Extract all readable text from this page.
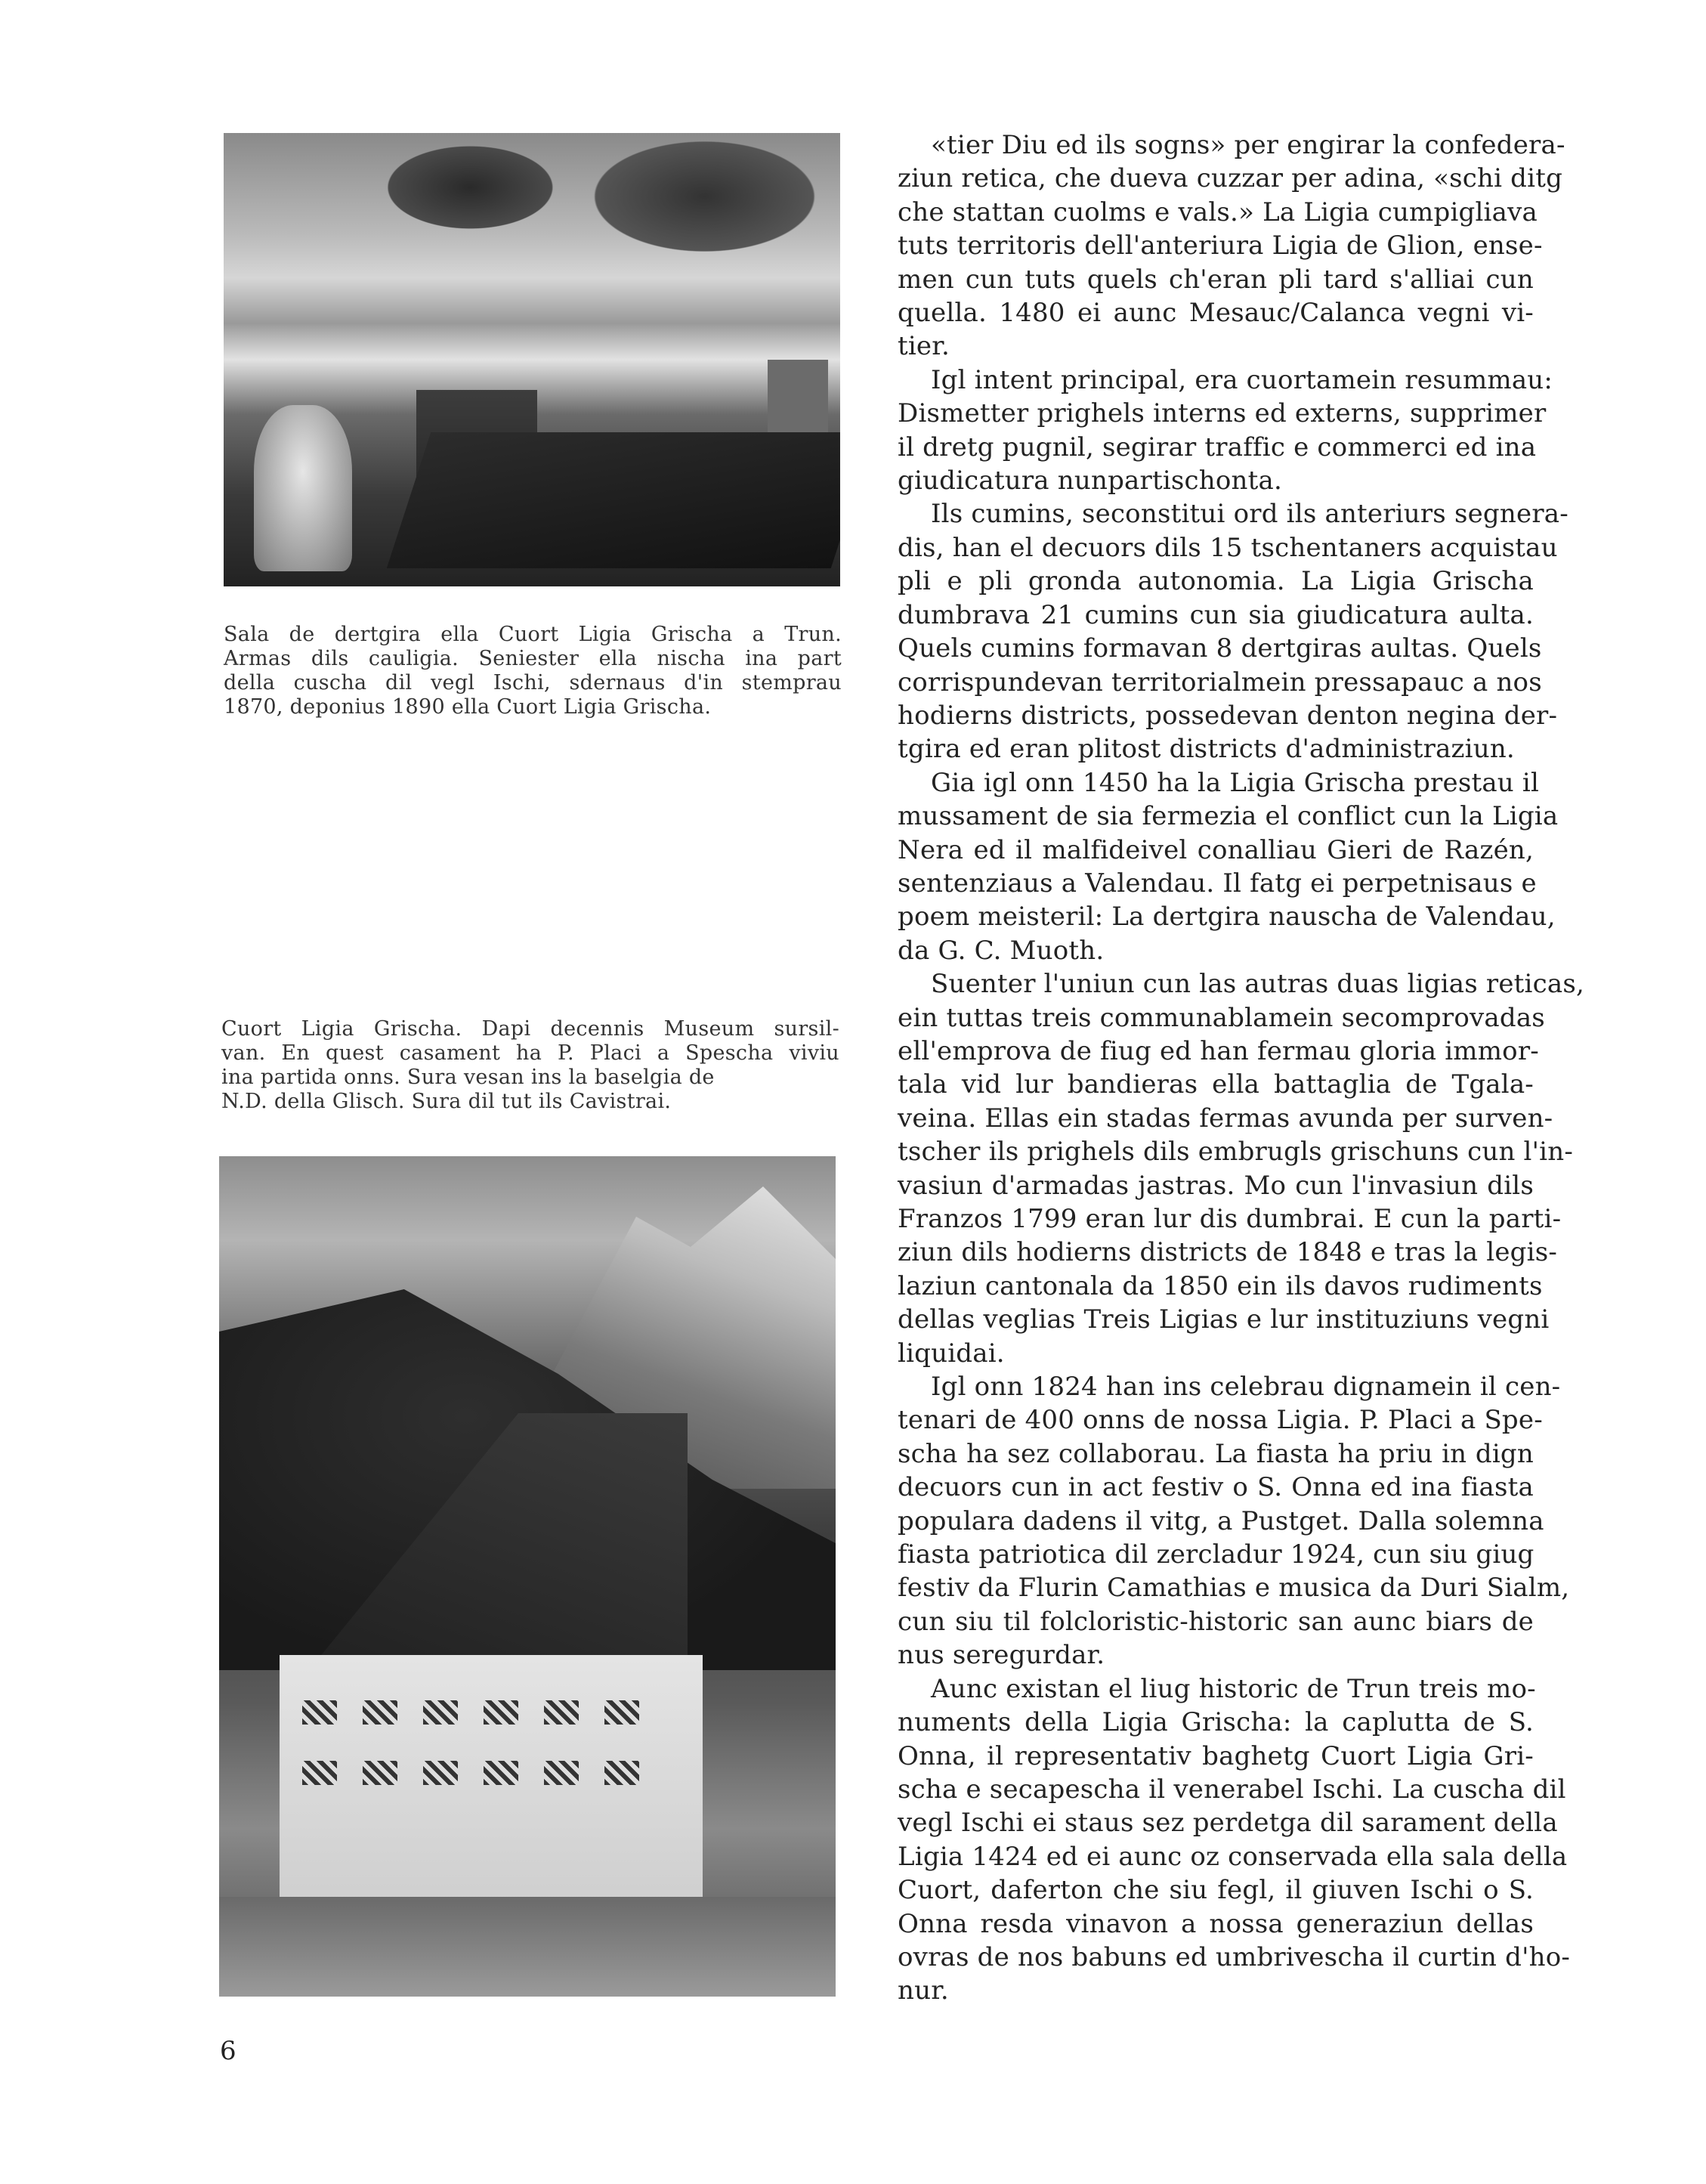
Sala de dertgira ella Cuort Ligia Grischa a Trun.
Armas dils cauligia. Seniester ella nischa ina part
della cuscha dil vegl Ischi, sdernaus d'in stemprau
1870, deponius 1890 ella Cuort Ligia Grischa.

Cuort Ligia Grischa. Dapi decennis Museum sursil-
van. En quest casament ha P. Placi a Spescha viviu
ina partida onns. Sura vesan ins la baselgia de
N.D. della Glisch. Sura dil tut ils Cavistrai.

«tier Diu ed ils sogns» per engirar la confedera-
ziun retica, che dueva cuzzar per adina, «schi ditg
che stattan cuolms e vals.» La Ligia cumpigliava
tuts territoris dell'anteriura Ligia de Glion, ense-
men cun tuts quels ch'eran pli tard s'alliai cun
quella. 1480 ei aunc Mesauc/Calanca vegni vi-
tier.

Igl intent principal, era cuortamein resummau:
Dismetter prighels interns ed externs, supprimer
il dretg pugnil, segirar traffic e commerci ed ina
giudicatura nunpartischonta.

Ils cumins, seconstitui ord ils anteriurs segnera-
dis, han el decuors dils 15 tschentaners acquistau
pli e pli gronda autonomia. La Ligia Grischa
dumbrava 21 cumins cun sia giudicatura aulta.
Quels cumins formavan 8 dertgiras aultas. Quels
corrispundevan territorialmein pressapauc a nos
hodierns districts, possedevan denton negina der-
tgira ed eran plitost districts d'administraziun.

Gia igl onn 1450 ha la Ligia Grischa prestau il
mussament de sia fermezia el conflict cun la Ligia
Nera ed il malfideivel conalliau Gieri de Razén,
sentenziaus a Valendau. Il fatg ei perpetnisaus e
poem meisteril: La dertgira nauscha de Valendau,
da G. C. Muoth.

Suenter l'uniun cun las autras duas ligias reticas,
ein tuttas treis communablamein secomprovadas
ell'emprova de fiug ed han fermau gloria immor-
tala vid lur bandieras ella battaglia de Tgala-
veina. Ellas ein stadas fermas avunda per surven-
tscher ils prighels dils embrugls grischuns cun l'in-
vasiun d'armadas jastras. Mo cun l'invasiun dils
Franzos 1799 eran lur dis dumbrai. E cun la parti-
ziun dils hodierns districts de 1848 e tras la legis-
laziun cantonala da 1850 ein ils davos rudiments
dellas veglias Treis Ligias e lur instituziuns vegni
liquidai.

Igl onn 1824 han ins celebrau dignamein il cen-
tenari de 400 onns de nossa Ligia. P. Placi a Spe-
scha ha sez collaborau. La fiasta ha priu in dign
decuors cun in act festiv o S. Onna ed ina fiasta
populara dadens il vitg, a Pustget. Dalla solemna
fiasta patriotica dil zercladur 1924, cun siu giug
festiv da Flurin Camathias e musica da Duri Sialm,
cun siu til folcloristic-historic san aunc biars de
nus seregurdar.

Aunc existan el liug historic de Trun treis mo-
numents della Ligia Grischa: la caplutta de S.
Onna, il representativ baghetg Cuort Ligia Gri-
scha e secapescha il venerabel Ischi. La cuscha dil
vegl Ischi ei staus sez perdetga dil sarament della
Ligia 1424 ed ei aunc oz conservada ella sala della
Cuort, daferton che siu fegl, il giuven Ischi o S.
Onna resda vinavon a nossa generaziun dellas
ovras de nos babuns ed umbrivescha il curtin d'ho-
nur.

6
